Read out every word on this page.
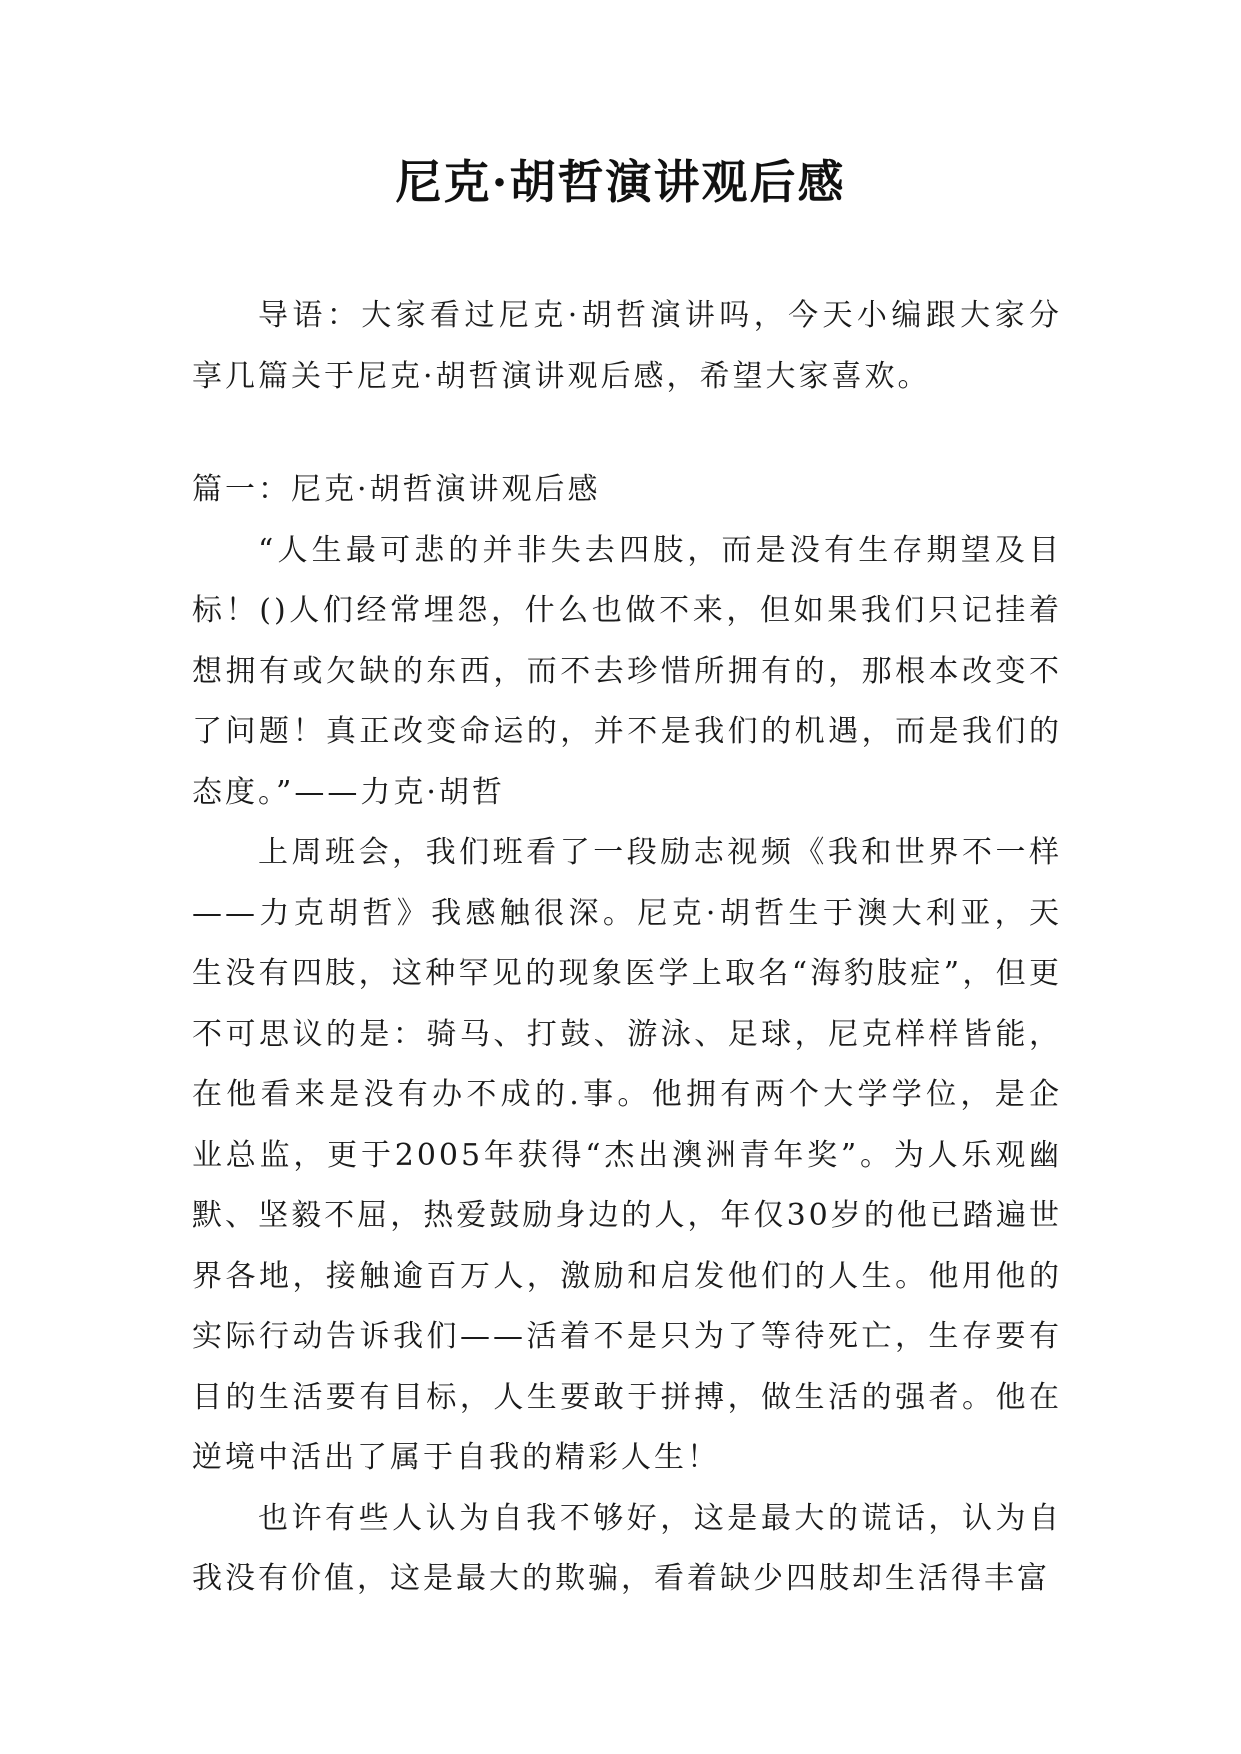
尼克·胡哲演讲观后感

导语：大家看过尼克·胡哲演讲吗，今天小编跟大家分享几篇关于尼克·胡哲演讲观后感，希望大家喜欢。

篇一：尼克·胡哲演讲观后感

“人生最可悲的并非失去四肢，而是没有生存期望及目标！()人们经常埋怨，什么也做不来，但如果我们只记挂着想拥有或欠缺的东西，而不去珍惜所拥有的，那根本改变不了问题！真正改变命运的，并不是我们的机遇，而是我们的态度。”——力克·胡哲

上周班会，我们班看了一段励志视频《我和世界不一样——力克胡哲》我感触很深。尼克·胡哲生于澳大利亚，天生没有四肢，这种罕见的现象医学上取名“海豹肢症”，但更不可思议的是：骑马、打鼓、游泳、足球，尼克样样皆能，在他看来是没有办不成的.事。他拥有两个大学学位，是企业总监，更于2005年获得“杰出澳洲青年奖”。为人乐观幽默、坚毅不屈，热爱鼓励身边的人，年仅30岁的他已踏遍世界各地，接触逾百万人，激励和启发他们的人生。他用他的实际行动告诉我们——活着不是只为了等待死亡，生存要有目的生活要有目标，人生要敢于拼搏，做生活的强者。他在逆境中活出了属于自我的精彩人生！

也许有些人认为自我不够好，这是最大的谎话，认为自我没有价值，这是最大的欺骗，看着缺少四肢却生活得丰富
